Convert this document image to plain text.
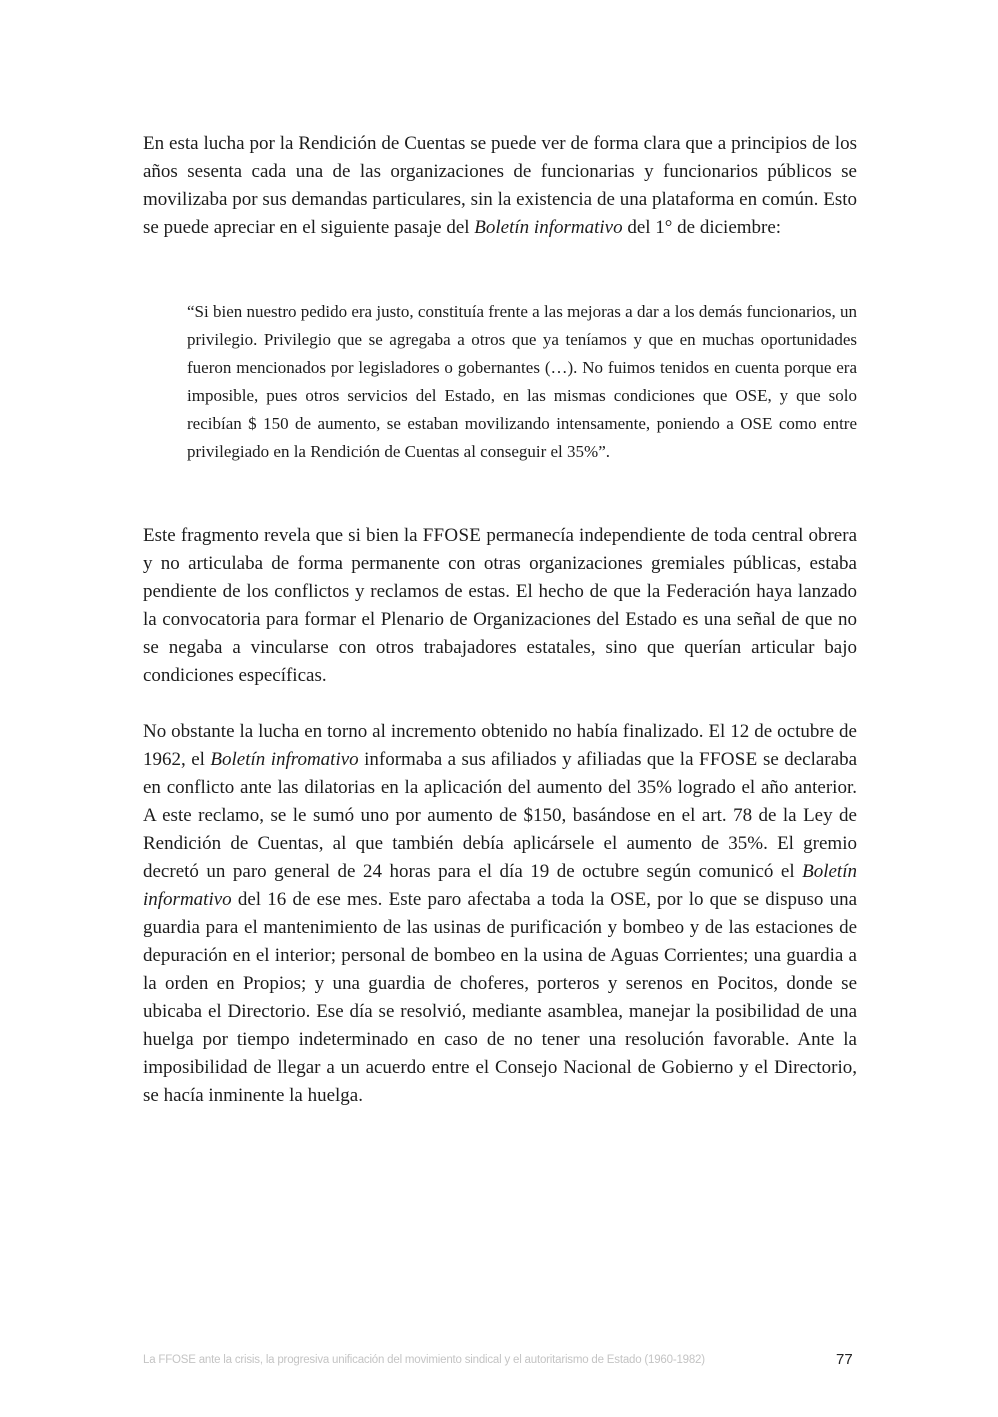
En esta lucha por la Rendición de Cuentas se puede ver de forma clara que a principios de los años sesenta cada una de las organizaciones de funcionarias y funcionarios públicos se movilizaba por sus demandas particulares, sin la existencia de una plataforma en común. Esto se puede apreciar en el siguiente pasaje del Boletín informativo del 1° de diciembre:

“Si bien nuestro pedido era justo, constituía frente a las mejoras a dar a los demás funcionarios, un privilegio. Privilegio que se agregaba a otros que ya teníamos y que en muchas oportunidades fueron mencionados por legisladores o gobernantes (…). No fuimos tenidos en cuenta porque era imposible, pues otros servicios del Estado, en las mismas condiciones que OSE, y que solo recibían $ 150 de aumento, se estaban movilizando intensamente, poniendo a OSE como entre privilegiado en la Rendición de Cuentas al conseguir el 35%”.

Este fragmento revela que si bien la FFOSE permanecía independiente de toda central obrera y no articulaba de forma permanente con otras organizaciones gremiales públicas, estaba pendiente de los conflictos y reclamos de estas. El hecho de que la Federación haya lanzado la convocatoria para formar el Plenario de Organizaciones del Estado es una señal de que no se negaba a vincularse con otros trabajadores estatales, sino que querían articular bajo condiciones específicas.

No obstante la lucha en torno al incremento obtenido no había finalizado. El 12 de octubre de 1962, el Boletín infromativo informaba a sus afiliados y afiliadas que la FFOSE se declaraba en conflicto ante las dilatorias en la aplicación del aumento del 35% logrado el año anterior. A este reclamo, se le sumó uno por aumento de $150, basándose en el art. 78 de la Ley de Rendición de Cuentas, al que también debía aplicársele el aumento de 35%. El gremio decretó un paro general de 24 horas para el día 19 de octubre según comunicó el Boletín informativo del 16 de ese mes. Este paro afectaba a toda la OSE, por lo que se dispuso una guardia para el mantenimiento de las usinas de purificación y bombeo y de las estaciones de depuración en el interior; personal de bombeo en la usina de Aguas Corrientes; una guardia a la orden en Propios; y una guardia de choferes, porteros y serenos en Pocitos, donde se ubicaba el Directorio. Ese día se resolvió, mediante asamblea, manejar la posibilidad de una huelga por tiempo indeterminado en caso de no tener una resolución favorable. Ante la imposibilidad de llegar a un acuerdo entre el Consejo Nacional de Gobierno y el Directorio, se hacía inminente la huelga.

La FFOSE ante la crisis, la progresiva unificación del movimiento sindical y el autoritarismo de Estado (1960-1982)	77
